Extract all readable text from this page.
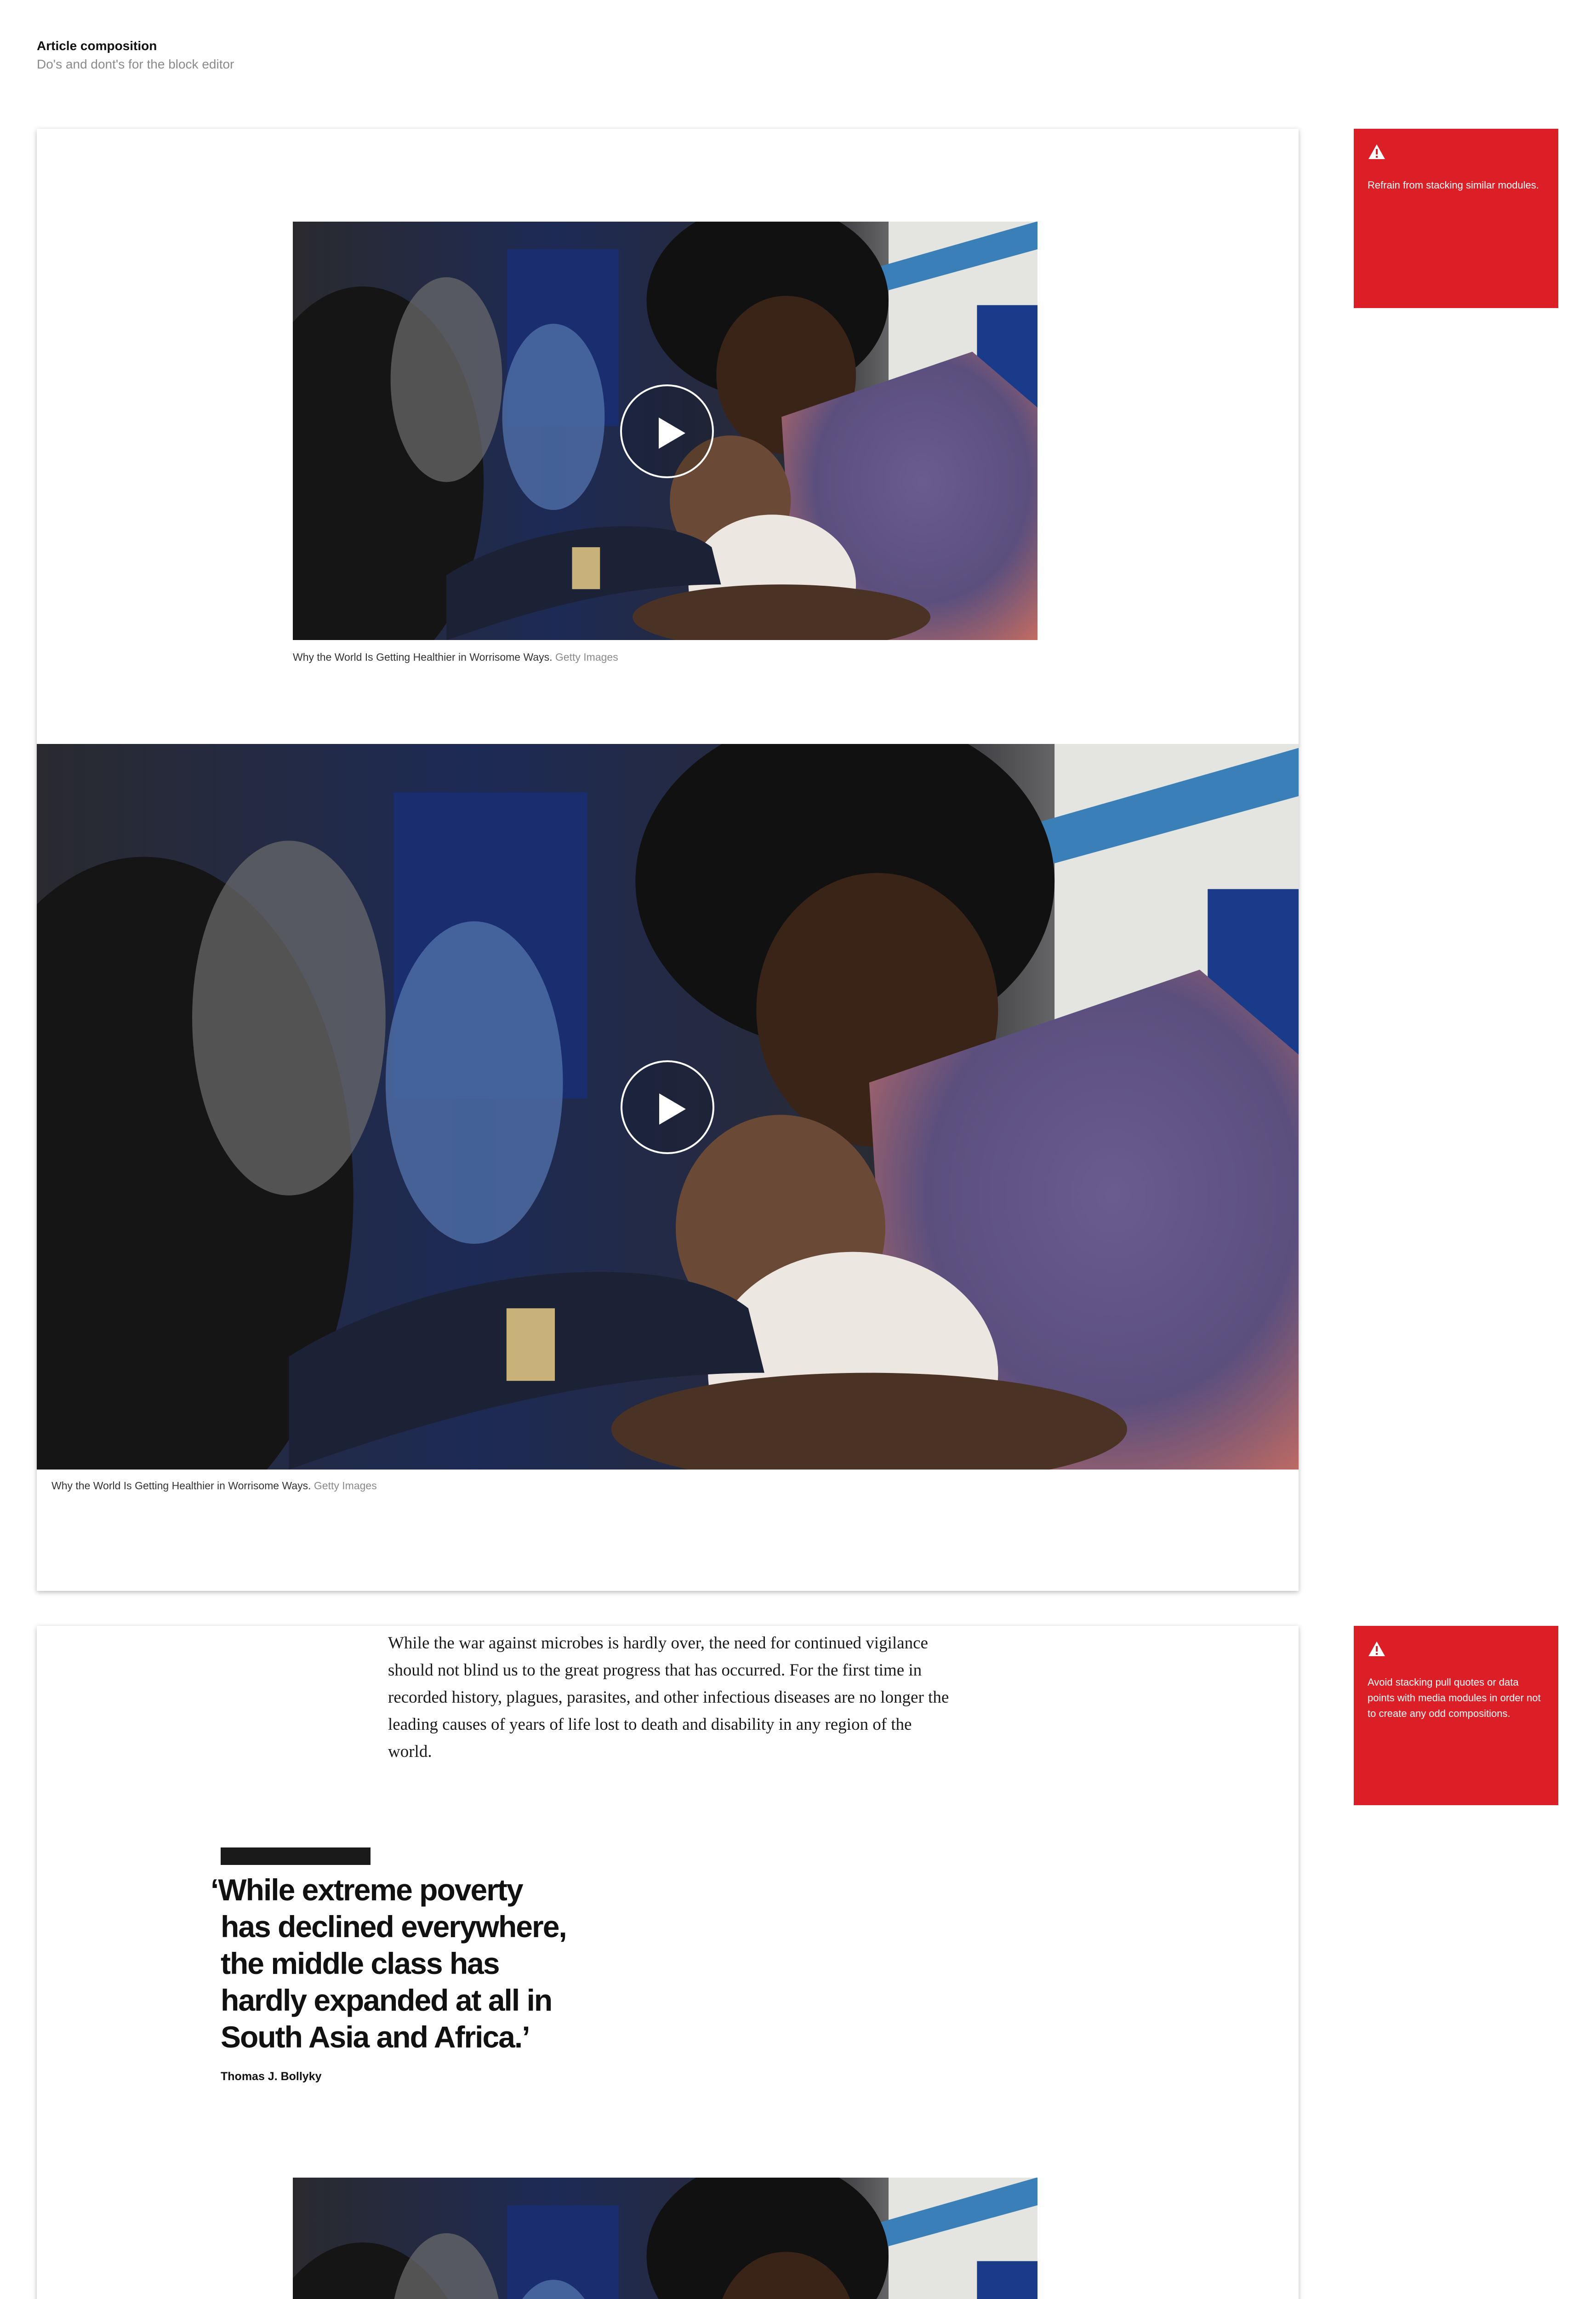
Article composition
Do's and dont's for the block editor
Why the World Is Getting Healthier in Worrisome Ways. Getty Images
Why the World Is Getting Healthier in Worrisome Ways. Getty Images
Refrain from stacking similar modules.
While the war against microbes is hardly over, the need for continued vigilance should not blind us to the great progress that has occurred. For the first time in recorded history, plagues, parasites, and other infectious diseases are no longer the leading causes of years of life lost to death and disability in any region of the world.
‘While extreme poverty
has declined everywhere,
the middle class has
hardly expanded at all in
South Asia and Africa.’
Thomas J. Bollyky
Avoid stacking pull quotes or data points with media modules in order not to create any odd compositions.
